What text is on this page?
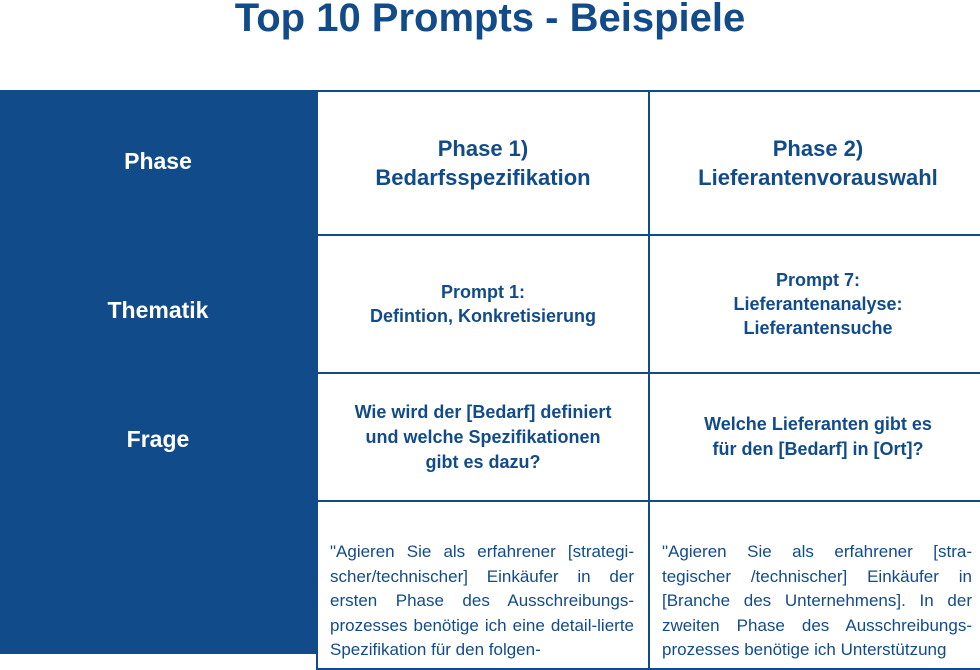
Top 10 Prompts - Beispiele
Phase
Thematik
Frage
Phase 1)
Bedarfsspezifikation
Phase 2)
Lieferantenvorauswahl
Prompt 1:
Defintion, Konkretisierung
Prompt 7:
Lieferantenanalyse:
Lieferantensuche
Wie wird der [Bedarf] definiert
und welche Spezifikationen
gibt es dazu?
Welche Lieferanten gibt es
für den [Bedarf] in [Ort]?
"Agieren Sie als erfahrener [strategi-scher/technischer] Einkäufer in der ersten Phase des Ausschreibungs-prozesses benötige ich eine detail-lierte Spezifikation für den folgen-
"Agieren Sie als erfahrener [stra-tegischer /technischer] Einkäufer in [Branche des Unternehmens]. In der zweiten Phase des Ausschreibungs-prozesses benötige ich Unterstützung
